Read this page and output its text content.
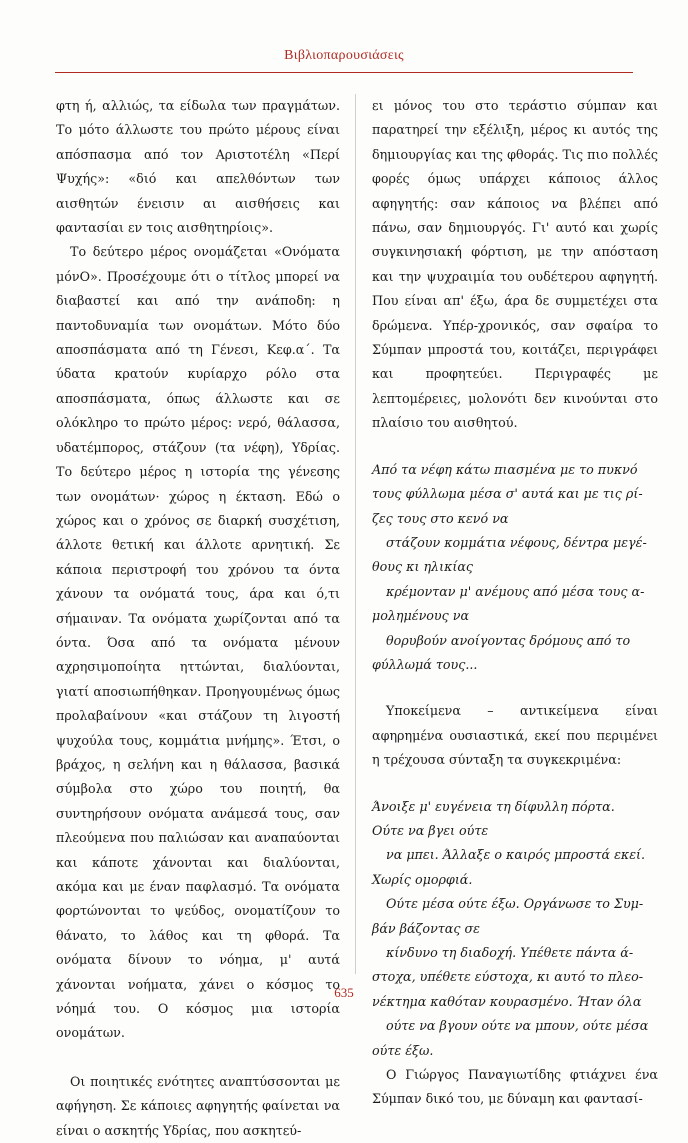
Βιβλιοπαρουσιάσεις

φτη ή, αλλιώς, τα είδωλα των πραγμάτων. Το μότο άλλωστε του πρώτο μέρους είναι απόσπασμα από τον Αριστοτέλη «Περί Ψυχής»: «διό και απελθόντων των αισθητών ένεισιν αι αισθήσεις και φαντασίαι εν τοις αισθητηρίοις».

Το δεύτερο μέρος ονομάζεται «Ονόματα μόνΟ». Προσέχουμε ότι ο τίτλος μπορεί να διαβαστεί και από την ανάποδη: η παντοδυναμία των ονομάτων. Μότο δύο αποσπάσματα από τη Γένεσι, Κεφ.α΄. Τα ύδατα κρατούν κυρίαρχο ρόλο στα αποσπάσματα, όπως άλλωστε και σε ολόκληρο το πρώτο μέρος: νερό, θάλασσα, υδατέμπορος, στάζουν (τα νέφη), Υδρίας. Το δεύτερο μέρος η ιστορία της γένεσης των ονομάτων· χώρος η έκταση. Εδώ ο χώρος και ο χρόνος σε διαρκή συσχέτιση, άλλοτε θετική και άλλοτε αρνητική. Σε κάποια περιστροφή του χρόνου τα όντα χάνουν τα ονόματά τους, άρα και ό,τι σήμαιναν. Τα ονόματα χωρίζονται από τα όντα. Όσα από τα ονόματα μένουν αχρησιμοποίητα ηττώνται, διαλύονται, γιατί αποσιωπήθηκαν. Προηγουμένως όμως προλαβαίνουν «και στάζουν τη λιγοστή ψυχούλα τους, κομμάτια μνήμης». Έτσι, ο βράχος, η σελήνη και η θάλασσα, βασικά σύμβολα στο χώρο του ποιητή, θα συντηρήσουν ονόματα ανάμεσά τους, σαν πλεούμενα που παλιώσαν και αναπαύονται και κάποτε χάνονται και διαλύονται, ακόμα και με έναν παφλασμό. Τα ονόματα φορτώνονται το ψεύδος, ονοματίζουν το θάνατο, το λάθος και τη φθορά. Τα ονόματα δίνουν το νόημα, μ' αυτά χάνονται νοήματα, χάνει ο κόσμος το νόημά του. Ο κόσμος μια ιστορία ονομάτων.

Οι ποιητικές ενότητες αναπτύσσονται με αφήγηση. Σε κάποιες αφηγητής φαίνεται να είναι ο ασκητής Υδρίας, που ασκητεύ-

ει μόνος του στο τεράστιο σύμπαν και παρατηρεί την εξέλιξη, μέρος κι αυτός της δημιουργίας και της φθοράς. Τις πιο πολλές φορές όμως υπάρχει κάποιος άλλος αφηγητής: σαν κάποιος να βλέπει από πάνω, σαν δημιουργός. Γι' αυτό και χωρίς συγκινησιακή φόρτιση, με την απόσταση και την ψυχραιμία του ουδέτερου αφηγητή. Που είναι απ' έξω, άρα δε συμμετέχει στα δρώμενα. Υπέρ-χρονικός, σαν σφαίρα το Σύμπαν μπροστά του, κοιτάζει, περιγράφει και προφητεύει. Περιγραφές με λεπτομέρειες, μολονότι δεν κινούνται στο πλαίσιο του αισθητού.

Από τα νέφη κάτω πιασμένα με το πυκνό

τους φύλλωμα μέσα σ' αυτά και με τις ρί-

ζες τους στο κενό να

στάζουν κομμάτια νέφους, δέντρα μεγέ-

θους κι ηλικίας

κρέμονταν μ' ανέμους από μέσα τους α-

μολημένους να

θορυβούν ανοίγοντας δρόμους από το

φύλλωμά τους...

Υποκείμενα – αντικείμενα είναι αφηρημένα ουσιαστικά, εκεί που περιμένει η τρέχουσα σύνταξη τα συγκεκριμένα:

Άνοιξε μ' ευγένεια τη δίφυλλη πόρτα.

Ούτε να βγει ούτε

να μπει. Άλλαξε ο καιρός μπροστά εκεί.

Χωρίς ομορφιά.

Ούτε μέσα ούτε έξω. Οργάνωσε το Συμ-

βάν βάζοντας σε

κίνδυνο τη διαδοχή. Υπέθετε πάντα ά-

στοχα, υπέθετε εύστοχα, κι αυτό το πλεο-

νέκτημα καθόταν κουρασμένο. Ήταν όλα

ούτε να βγουν ούτε να μπουν, ούτε μέσα

ούτε έξω.

Ο Γιώργος Παναγιωτίδης φτιάχνει ένα Σύμπαν δικό του, με δύναμη και φαντασί-

635
